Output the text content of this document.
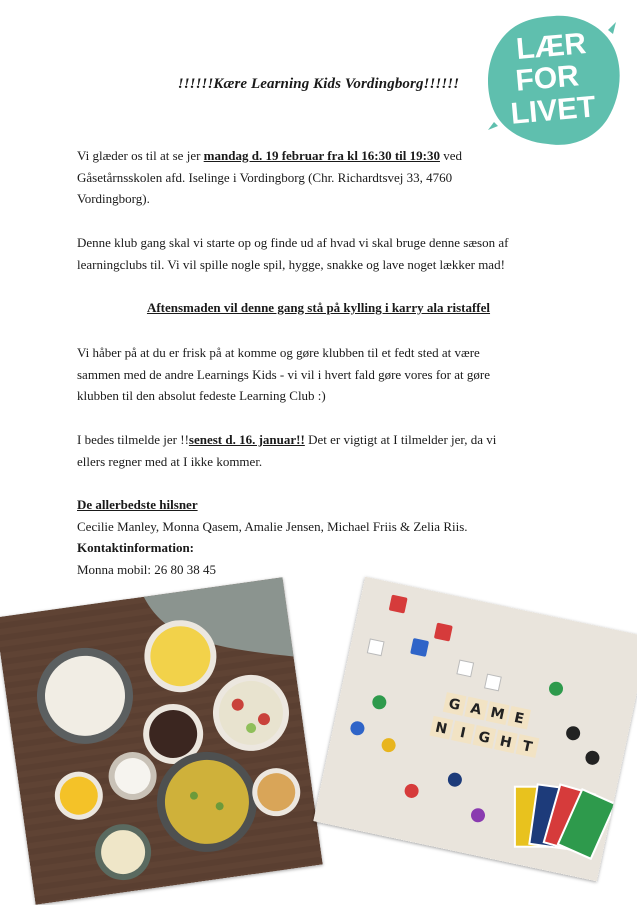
LÆR
FOR
LIVET
!!!!!!Kære Learning Kids Vordingborg!!!!!!
Vi glæder os til at se jer mandag d. 19 februar fra kl 16:30 til 19:30 ved
Gåsetårnsskolen afd. Iselinge i Vordingborg (Chr. Richardtsvej 33, 4760
Vordingborg).
Denne klub gang skal vi starte op og finde ud af hvad vi skal bruge denne sæson af
learningclubs til. Vi vil spille nogle spil, hygge, snakke og lave noget lækker mad!
Aftensmaden vil denne gang stå på kylling i karry ala ristaffel
Vi håber på at du er frisk på at komme og gøre klubben til et fedt sted at være
sammen med de andre Learnings Kids - vi vil i hvert fald gøre vores for at gøre
klubben til den absolut fedeste Learning Club :)
I bedes tilmelde jer !!senest d. 16. januar!! Det er vigtigt at I tilmelder jer, da vi
ellers regner med at I ikke kommer.
De allerbedste hilsner
Cecilie Manley, Monna Qasem, Amalie Jensen, Michael Friis & Zelia Riis.
Kontaktinformation:
Monna mobil: 26 80 38 45
G A M E
N I G H T
